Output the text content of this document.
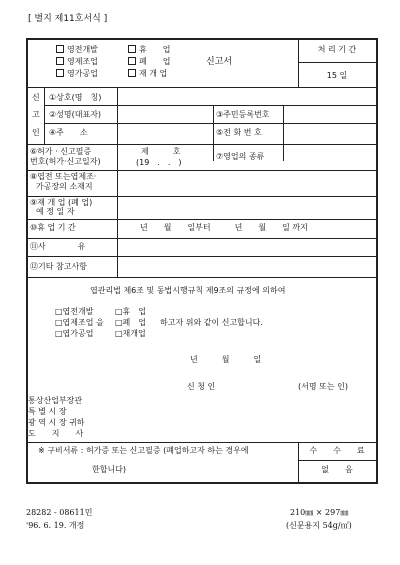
[ 별지 제11호서식 ]
영전개발
영제조업
영가공업
휴　　업
폐　　업
재 개 업
신고서
처 리 기 간
15 일
신
고
인
①상호(명　칭)
②성명(대표자)
④주　　소
③주민등록번호
⑤전 화 번 호
⑥허가 · 신고필증
번호(허가·신고일자)
제　　　호
(19　.　.　)
⑦영업의 종류
⑧엽전 또는엽제조·
가공장의 소재지
⑨재 개 업 (폐 업)
예 정 일 자
⑩휴 업 기 간	년　　월　　일부터　　　년　　월　　일 까지
⑪사　　　　유
⑫기타 참고사항
엽관리법 제6조 및 동법시행규칙 제9조의 규정에 의하여
□엽전개발
□엽제조업 을
□엽가공업
□휴　업
□폐　업
□재개업
하고자 위와 같이 신고합니다.
년　　　월　　　일
신 청 인	(서명 또는 인)
통상산업부장관
특 별 시 장
광 역 시 장 귀하
도　　지　　사
※ 구비서류 : 허가증 또는 신고필증 (폐업하고자 하는 경우에
한합니다)
수　　수　　료
없　　음
28282 - 08611민
'96. 6. 19. 개정
210㎜ × 297㎜
(신문용지 54g/㎡)
